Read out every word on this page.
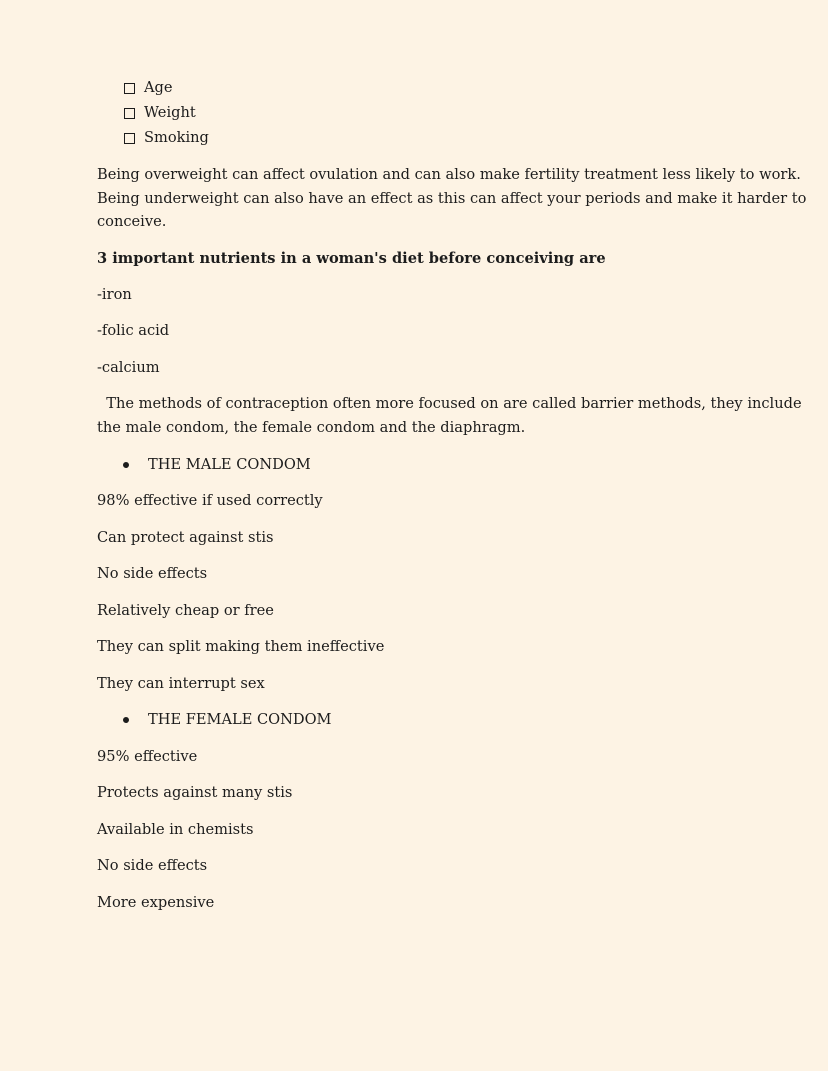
Age
Weight
Smoking
Being overweight can affect ovulation and can also make fertility treatment less likely to work.
Being underweight can also have an effect as this can affect your periods and make it harder to
conceive.
3 important nutrients in a woman's diet before conceiving are
-iron
-folic acid
-calcium
The methods of contraception often more focused on are called barrier methods, they include
the male condom, the female condom and the diaphragm.
THE MALE CONDOM
98% effective if used correctly
Can protect against stis
No side effects
Relatively cheap or free
They can split making them ineffective
They can interrupt sex
THE FEMALE CONDOM
95% effective
Protects against many stis
Available in chemists
No side effects
More expensive
